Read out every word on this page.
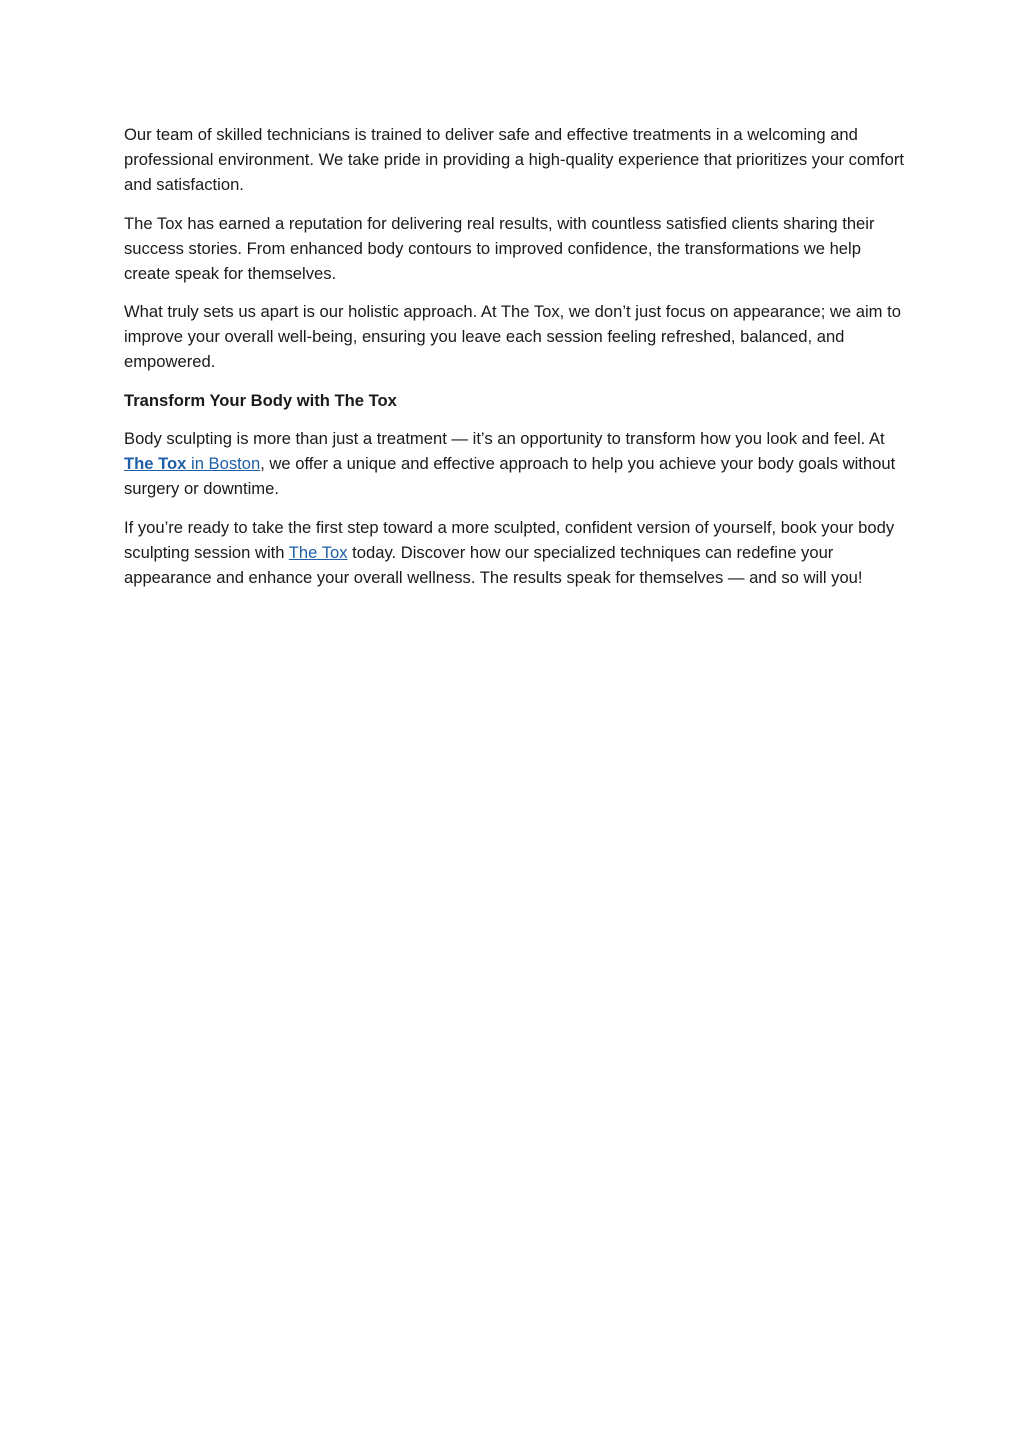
Our team of skilled technicians is trained to deliver safe and effective treatments in a welcoming and professional environment. We take pride in providing a high-quality experience that prioritizes your comfort and satisfaction.

The Tox has earned a reputation for delivering real results, with countless satisfied clients sharing their success stories. From enhanced body contours to improved confidence, the transformations we help create speak for themselves.

What truly sets us apart is our holistic approach. At The Tox, we don’t just focus on appearance; we aim to improve your overall well-being, ensuring you leave each session feeling refreshed, balanced, and empowered.

Transform Your Body with The Tox

Body sculpting is more than just a treatment — it’s an opportunity to transform how you look and feel. At The Tox in Boston, we offer a unique and effective approach to help you achieve your body goals without surgery or downtime.

If you’re ready to take the first step toward a more sculpted, confident version of yourself, book your body sculpting session with The Tox today. Discover how our specialized techniques can redefine your appearance and enhance your overall wellness. The results speak for themselves — and so will you!
